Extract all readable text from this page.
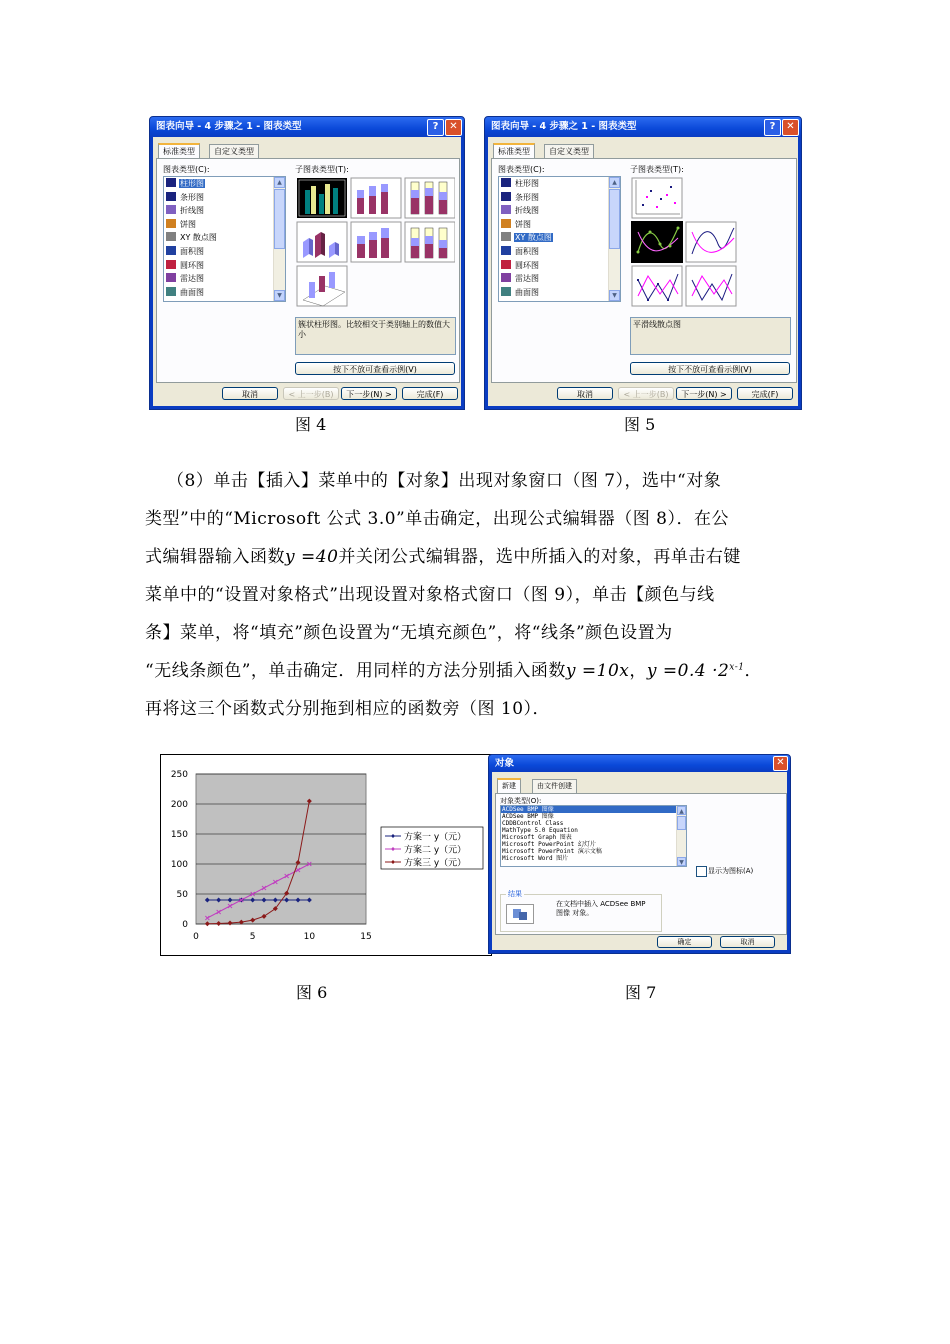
图表向导 - 4 步骤之 1 - 图表类型	?	✕
标准类型	自定义类型
图表类型(C):	子图表类型(T):
柱形图
条形图
折线图
饼图
XY 散点图
面积图
圆环图
雷达图
曲面图
▲
▼
簇状柱形图。比较相交于类别轴上的数值大小
按下不放可查看示例(V)
取消	< 上一步(B)	下一步(N) >	完成(F)
图 4
图表向导 - 4 步骤之 1 - 图表类型	?	✕
标准类型	自定义类型
图表类型(C):	子图表类型(T):
柱形图
条形图
折线图
饼图
XY 散点图
面积图
圆环图
雷达图
曲面图
▲
▼
平滑线散点图
按下不放可查看示例(V)
取消	< 上一步(B)	下一步(N) >	完成(F)
图 5
（8）单击【插入】菜单中的【对象】出现对象窗口（图 7），选中“对象
类型”中的“Microsoft 公式 3.0”单击确定，出现公式编辑器（图 8）．在公
式编辑器输入函数y =40并关闭公式编辑器，选中所插入的对象，再单击右键
菜单中的“设置对象格式”出现设置对象格式窗口（图 9），单击【颜色与线
条】菜单，将“填充”颜色设置为“无填充颜色”，将“线条”颜色设置为
“无线条颜色”，单击确定．用同样的方法分别插入函数y =10x，$y =0.4 \cdot 2^{x-1}$．
再将这三个函数式分别拖到相应的函数旁（图 10）．
0
50
100
150
200
250
0	5	10	15
方案一 y（元）
方案二 y（元）
方案三 y（元）
图 6
对象	✕
新建	由文件创建
对象类型(O):
ACDSee BMP 图像
ACDSee BMP 图像
CDDBControl Class
MathType 5.0 Equation
Microsoft Graph 图表
Microsoft PowerPoint 幻灯片
Microsoft PowerPoint 演示文稿
Microsoft Word 图片
▲
▼
显示为图标(A)
结果
在文档中插入 ACDSee BMP 图像 对象。
确定	取消
图 7
